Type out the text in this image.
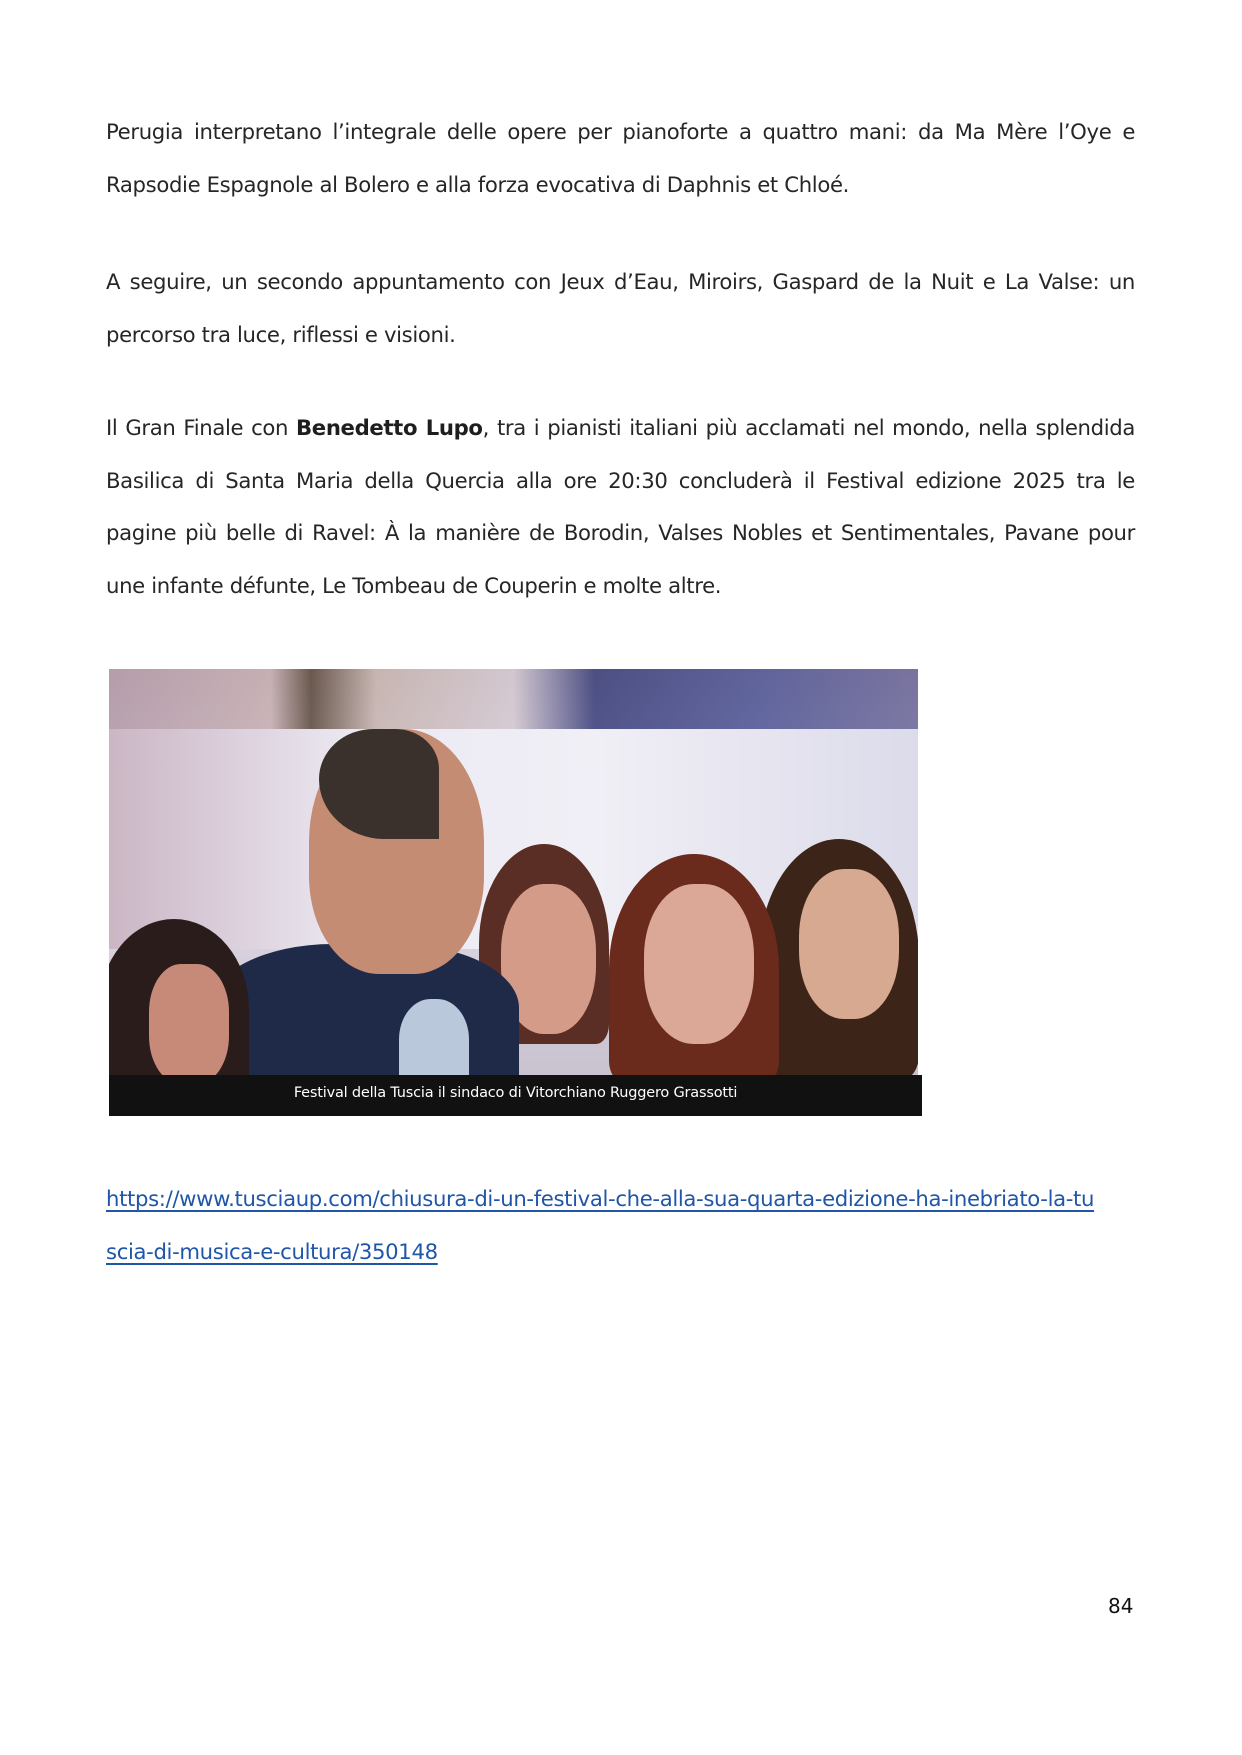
Perugia interpretano l’integrale delle opere per pianoforte a quattro mani: da Ma Mère l’Oye e
Rapsodie Espagnole al Bolero e alla forza evocativa di Daphnis et Chloé.

A seguire, un secondo appuntamento con Jeux d’Eau, Miroirs, Gaspard de la Nuit e La Valse: un
percorso tra luce, riflessi e visioni.

Il Gran Finale con Benedetto Lupo, tra i pianisti italiani più acclamati nel mondo, nella splendida
Basilica di Santa Maria della Quercia alla ore 20:30 concluderà il Festival edizione 2025 tra le
pagine più belle di Ravel: À la manière de Borodin, Valses Nobles et Sentimentales, Pavane pour
une infante défunte, Le Tombeau de Couperin e molte altre.

Festival della Tuscia il sindaco di Vitorchiano Ruggero Grassotti
https://www.tusciaup.com/chiusura-di-un-festival-che-alla-sua-quarta-edizione-ha-inebriato-la-tu
scia-di-musica-e-cultura/350148
84
